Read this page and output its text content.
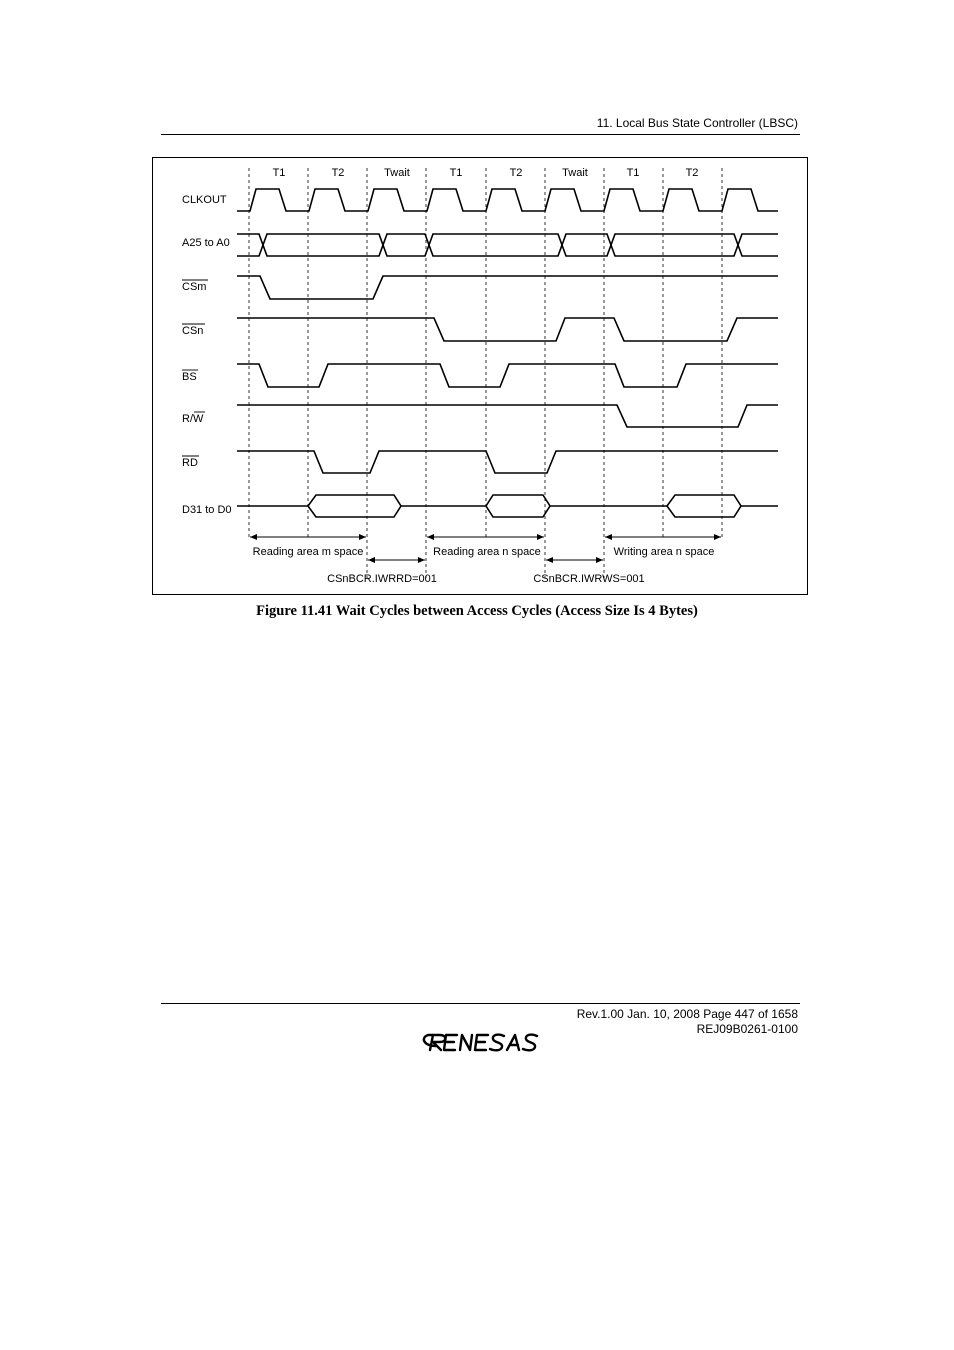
11. Local Bus State Controller (LBSC)
T1	T2	Twait	T1	T2	Twait	T1	T2
CLKOUT
A25 to A0
CSm
CSn
BS
R/W
RD
D31 to D0
Reading area m space	Reading area n space	Writing area n space
CSnBCR.IWRRD=001	CSnBCR.IWRWS=001
Figure 11.41 Wait Cycles between Access Cycles (Access Size Is 4 Bytes)
Rev.1.00 Jan. 10, 2008 Page 447 of 1658
REJ09B0261-0100
